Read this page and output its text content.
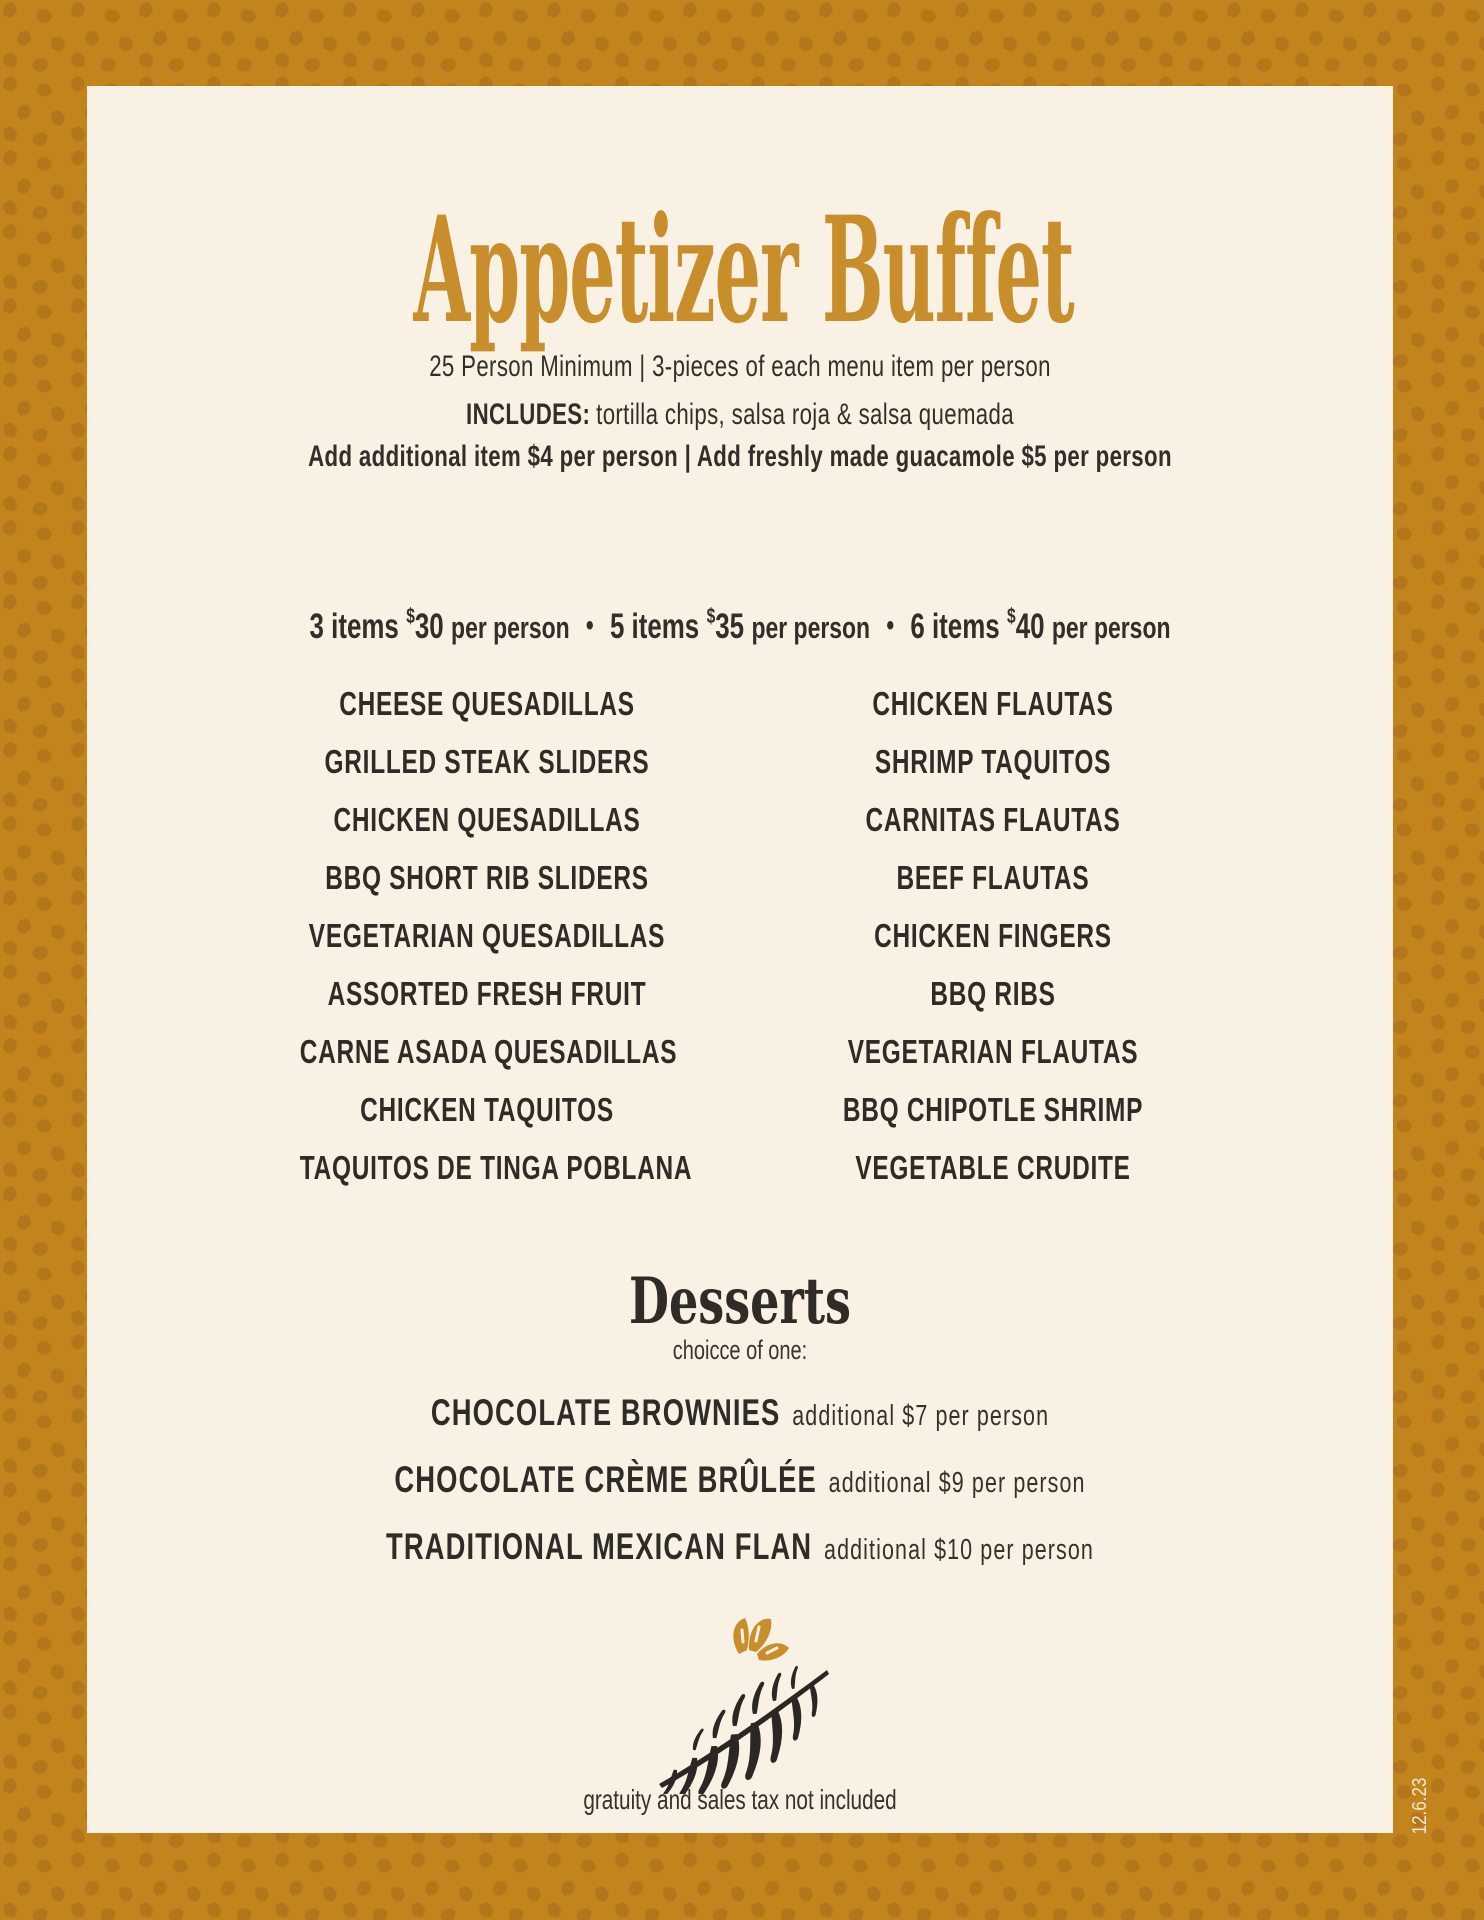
Appetizer Buffet
25 Person Minimum | 3-pieces of each menu item per person
INCLUDES: tortilla chips, salsa roja & salsa quemada
Add additional item $4 per person | Add freshly made guacamole $5 per person
3 items $30 per person • 5 items $35 per person • 6 items $40 per person
CHEESE QUESADILLAS
GRILLED STEAK SLIDERS
CHICKEN QUESADILLAS
BBQ SHORT RIB SLIDERS
VEGETARIAN QUESADILLAS
ASSORTED FRESH FRUIT
CARNE ASADA QUESADILLAS
CHICKEN TAQUITOS
TAQUITOS DE TINGA POBLANA
CHICKEN FLAUTAS
SHRIMP TAQUITOS
CARNITAS FLAUTAS
BEEF FLAUTAS
CHICKEN FINGERS
BBQ RIBS
VEGETARIAN FLAUTAS
BBQ CHIPOTLE SHRIMP
VEGETABLE CRUDITE
Desserts
choicce of one:
CHOCOLATE BROWNIES additional $7 per person
CHOCOLATE CRÈME BRÛLÉE additional $9 per person
TRADITIONAL MEXICAN FLAN additional $10 per person
gratuity and sales tax not included	12.6.23
